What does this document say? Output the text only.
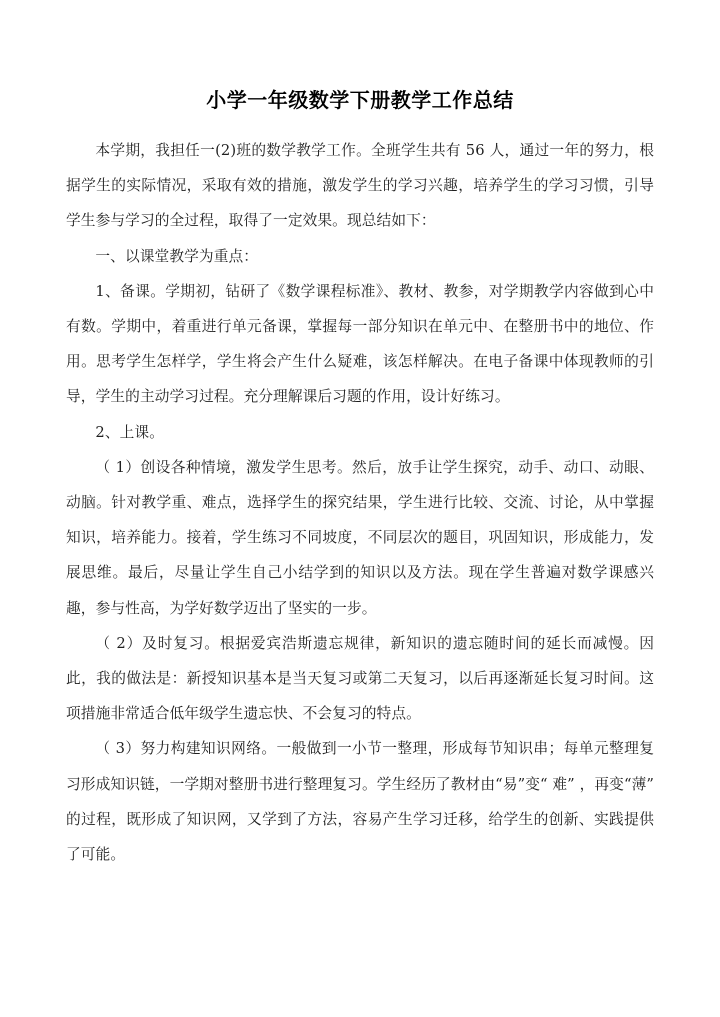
小学一年级数学下册教学工作总结

本学期，我担任一(2)班的数学教学工作。全班学生共有 56 人，通过一年的努力，根据学生的实际情况，采取有效的措施，激发学生的学习兴趣，培养学生的学习习惯，引导学生参与学习的全过程，取得了一定效果。现总结如下：

一、以课堂教学为重点：

1、备课。学期初，钻研了《数学课程标准》、教材、教参，对学期教学内容做到心中有数。学期中，着重进行单元备课，掌握每一部分知识在单元中、在整册书中的地位、作用。思考学生怎样学，学生将会产生什么疑难，该怎样解决。在电子备课中体现教师的引导，学生的主动学习过程。充分理解课后习题的作用，设计好练习。

2、上课。

（ 1）创设各种情境，激发学生思考。然后，放手让学生探究，动手、动口、动眼、动脑。针对教学重、难点，选择学生的探究结果，学生进行比较、交流、讨论，从中掌握知识，培养能力。接着，学生练习不同坡度，不同层次的题目，巩固知识，形成能力，发展思维。最后，尽量让学生自己小结学到的知识以及方法。现在学生普遍对数学课感兴趣，参与性高，为学好数学迈出了坚实的一步。

（ 2）及时复习。根据爱宾浩斯遗忘规律，新知识的遗忘随时间的延长而减慢。因此，我的做法是：新授知识基本是当天复习或第二天复习，以后再逐渐延长复习时间。这项措施非常适合低年级学生遗忘快、不会复习的特点。

（ 3）努力构建知识网络。一般做到一小节一整理，形成每节知识串；每单元整理复习形成知识链，一学期对整册书进行整理复习。学生经历了教材由“易”变“ 难” ，再变“薄”的过程，既形成了知识网，又学到了方法，容易产生学习迁移，给学生的创新、实践提供了可能。
